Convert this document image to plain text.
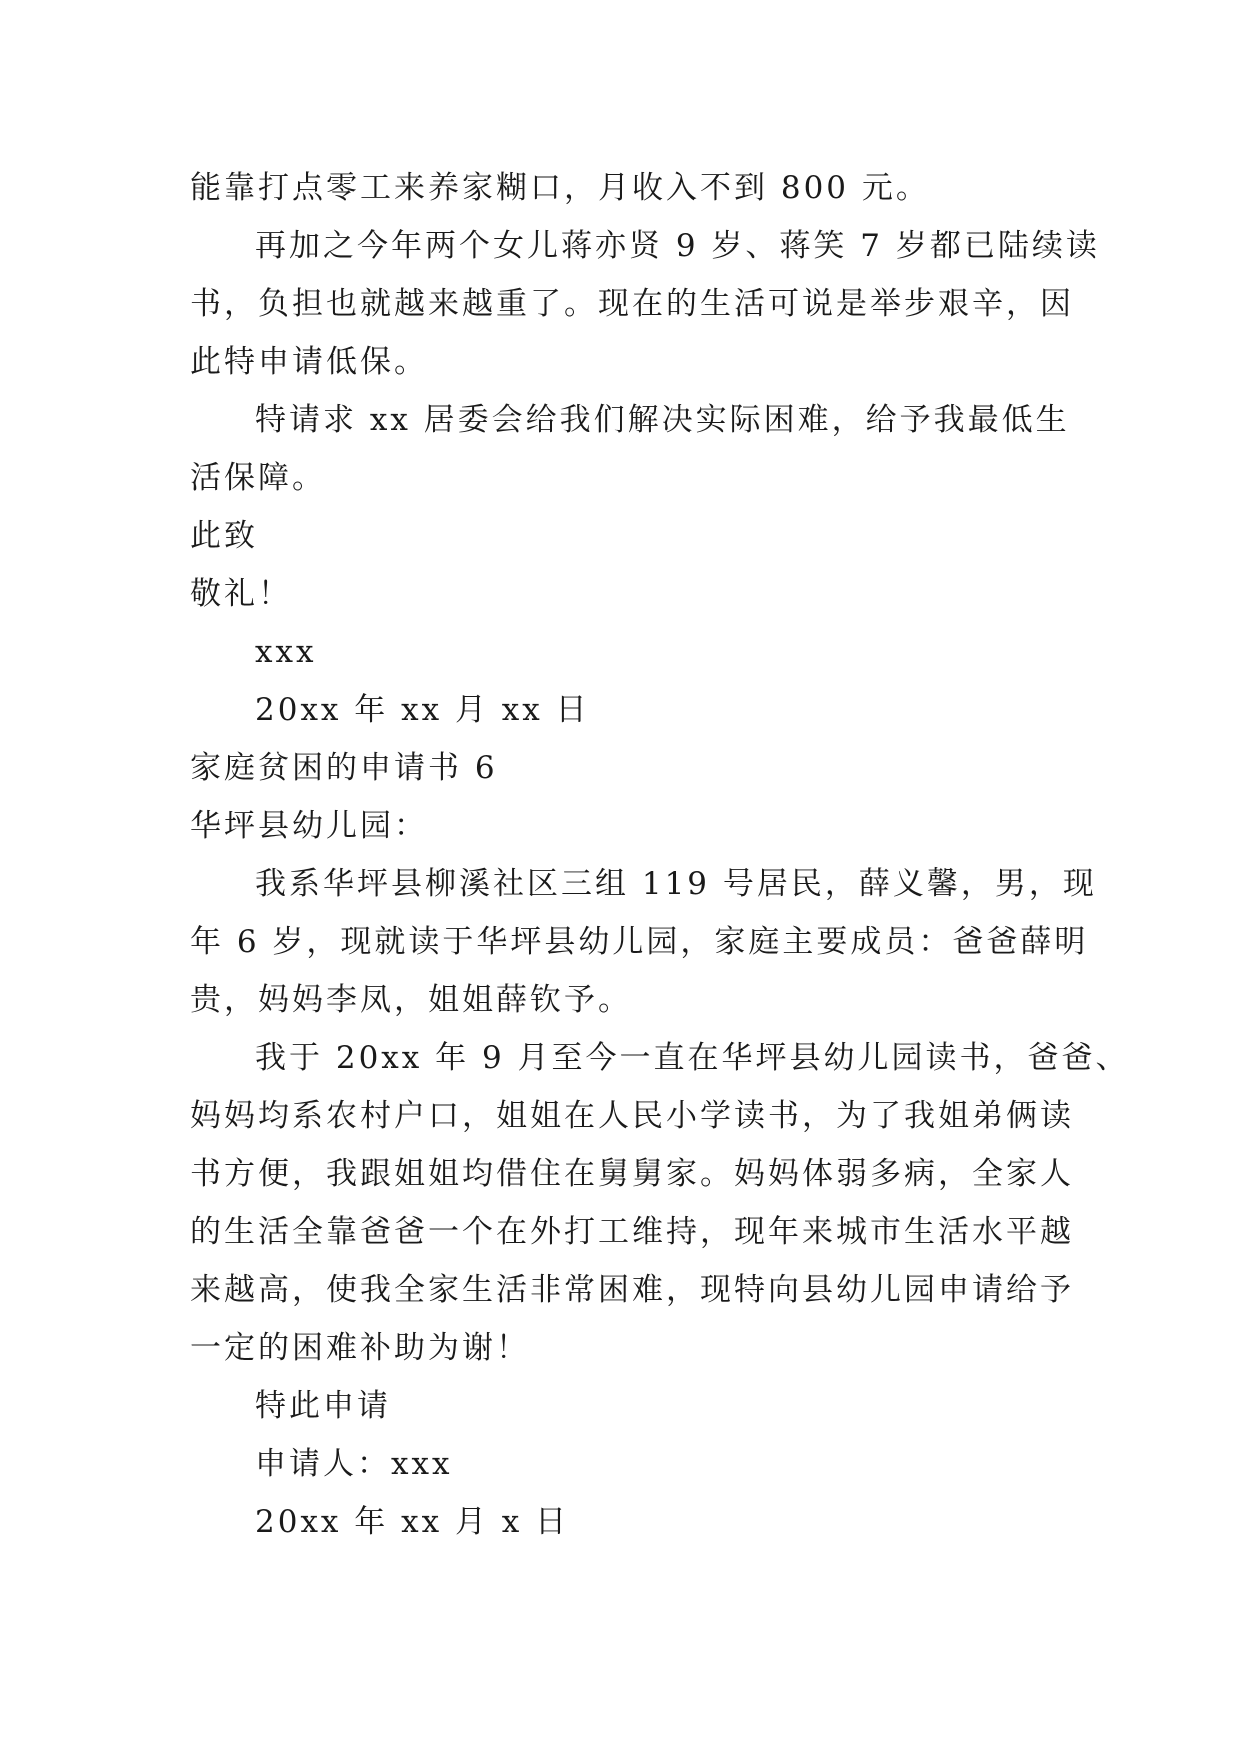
能靠打点零工来养家糊口，月收入不到 800 元。
再加之今年两个女儿蒋亦贤 9 岁、蒋笑 7 岁都已陆续读
书，负担也就越来越重了。现在的生活可说是举步艰辛，因
此特申请低保。
特请求 xx 居委会给我们解决实际困难，给予我最低生
活保障。
此致
敬礼！
xxx
20xx 年 xx 月 xx 日
家庭贫困的申请书 6
华坪县幼儿园：
我系华坪县柳溪社区三组 119 号居民，薛义馨，男，现
年 6 岁，现就读于华坪县幼儿园，家庭主要成员：爸爸薛明
贵，妈妈李凤，姐姐薛钦予。
我于 20xx 年 9 月至今一直在华坪县幼儿园读书，爸爸、
妈妈均系农村户口，姐姐在人民小学读书，为了我姐弟俩读
书方便，我跟姐姐均借住在舅舅家。妈妈体弱多病，全家人
的生活全靠爸爸一个在外打工维持，现年来城市生活水平越
来越高，使我全家生活非常困难，现特向县幼儿园申请给予
一定的困难补助为谢！
特此申请
申请人：xxx
20xx 年 xx 月 x 日
